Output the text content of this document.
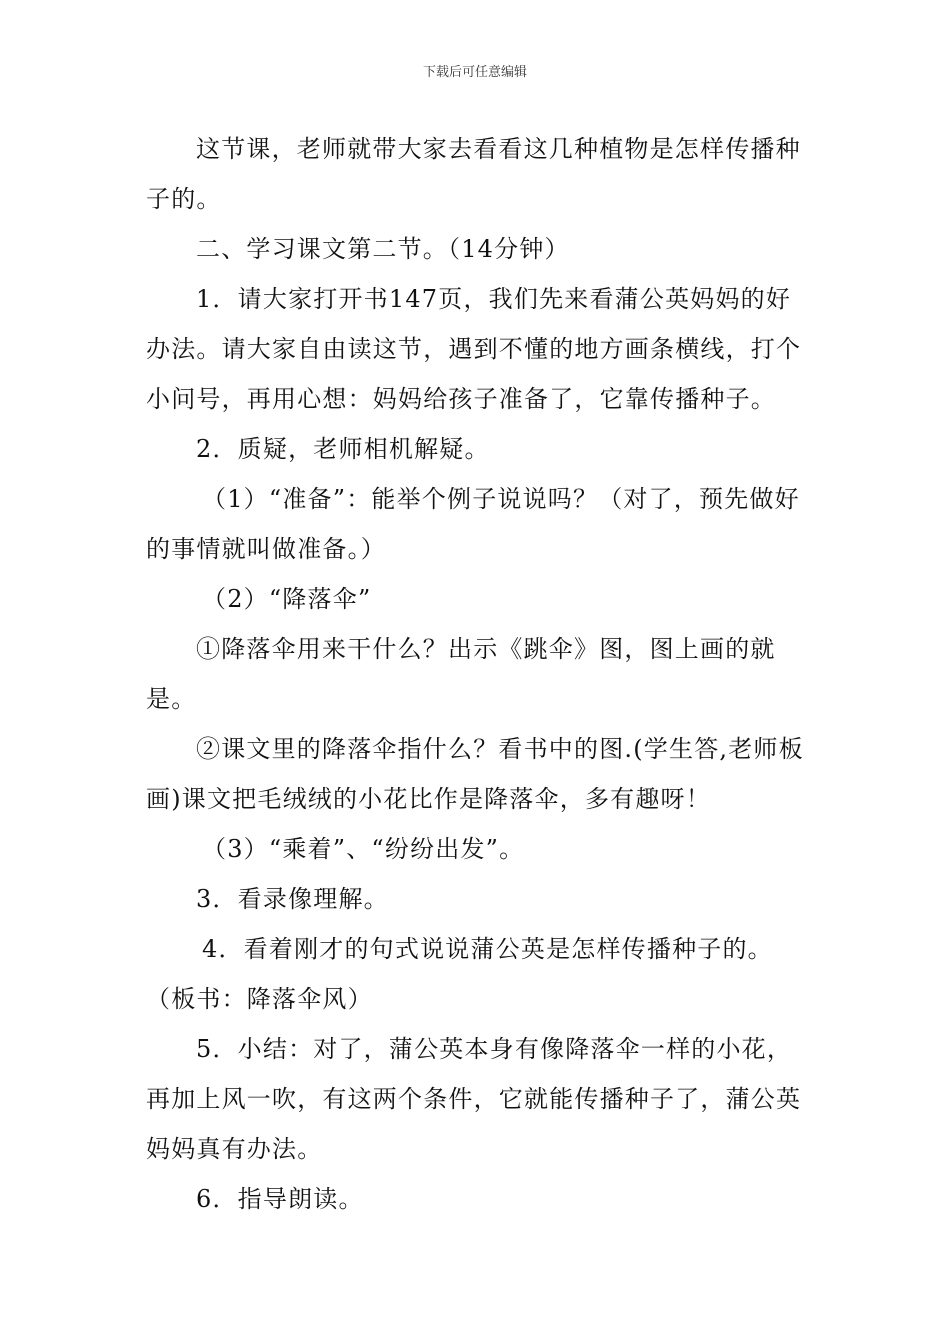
下载后可任意编辑

这节课，老师就带大家去看看这几种植物是怎样传播种子的。

二、学习课文第二节。（14分钟）

1．请大家打开书147页，我们先来看蒲公英妈妈的好办法。请大家自由读这节，遇到不懂的地方画条横线，打个小问号，再用心想：妈妈给孩子准备了，它靠传播种子。

2．质疑，老师相机解疑。

（1）“准备”：能举个例子说说吗？（对了，预先做好的事情就叫做准备。）

（2）“降落伞”

①降落伞用来干什么？出示《跳伞》图，图上画的就是。

②课文里的降落伞指什么？看书中的图.(学生答,老师板画)课文把毛绒绒的小花比作是降落伞，多有趣呀！

（3）“乘着”、“纷纷出发”。

3．看录像理解。

4．看着刚才的句式说说蒲公英是怎样传播种子的。（板书：降落伞风）

5．小结：对了，蒲公英本身有像降落伞一样的小花，再加上风一吹，有这两个条件，它就能传播种子了，蒲公英妈妈真有办法。

6．指导朗读。
